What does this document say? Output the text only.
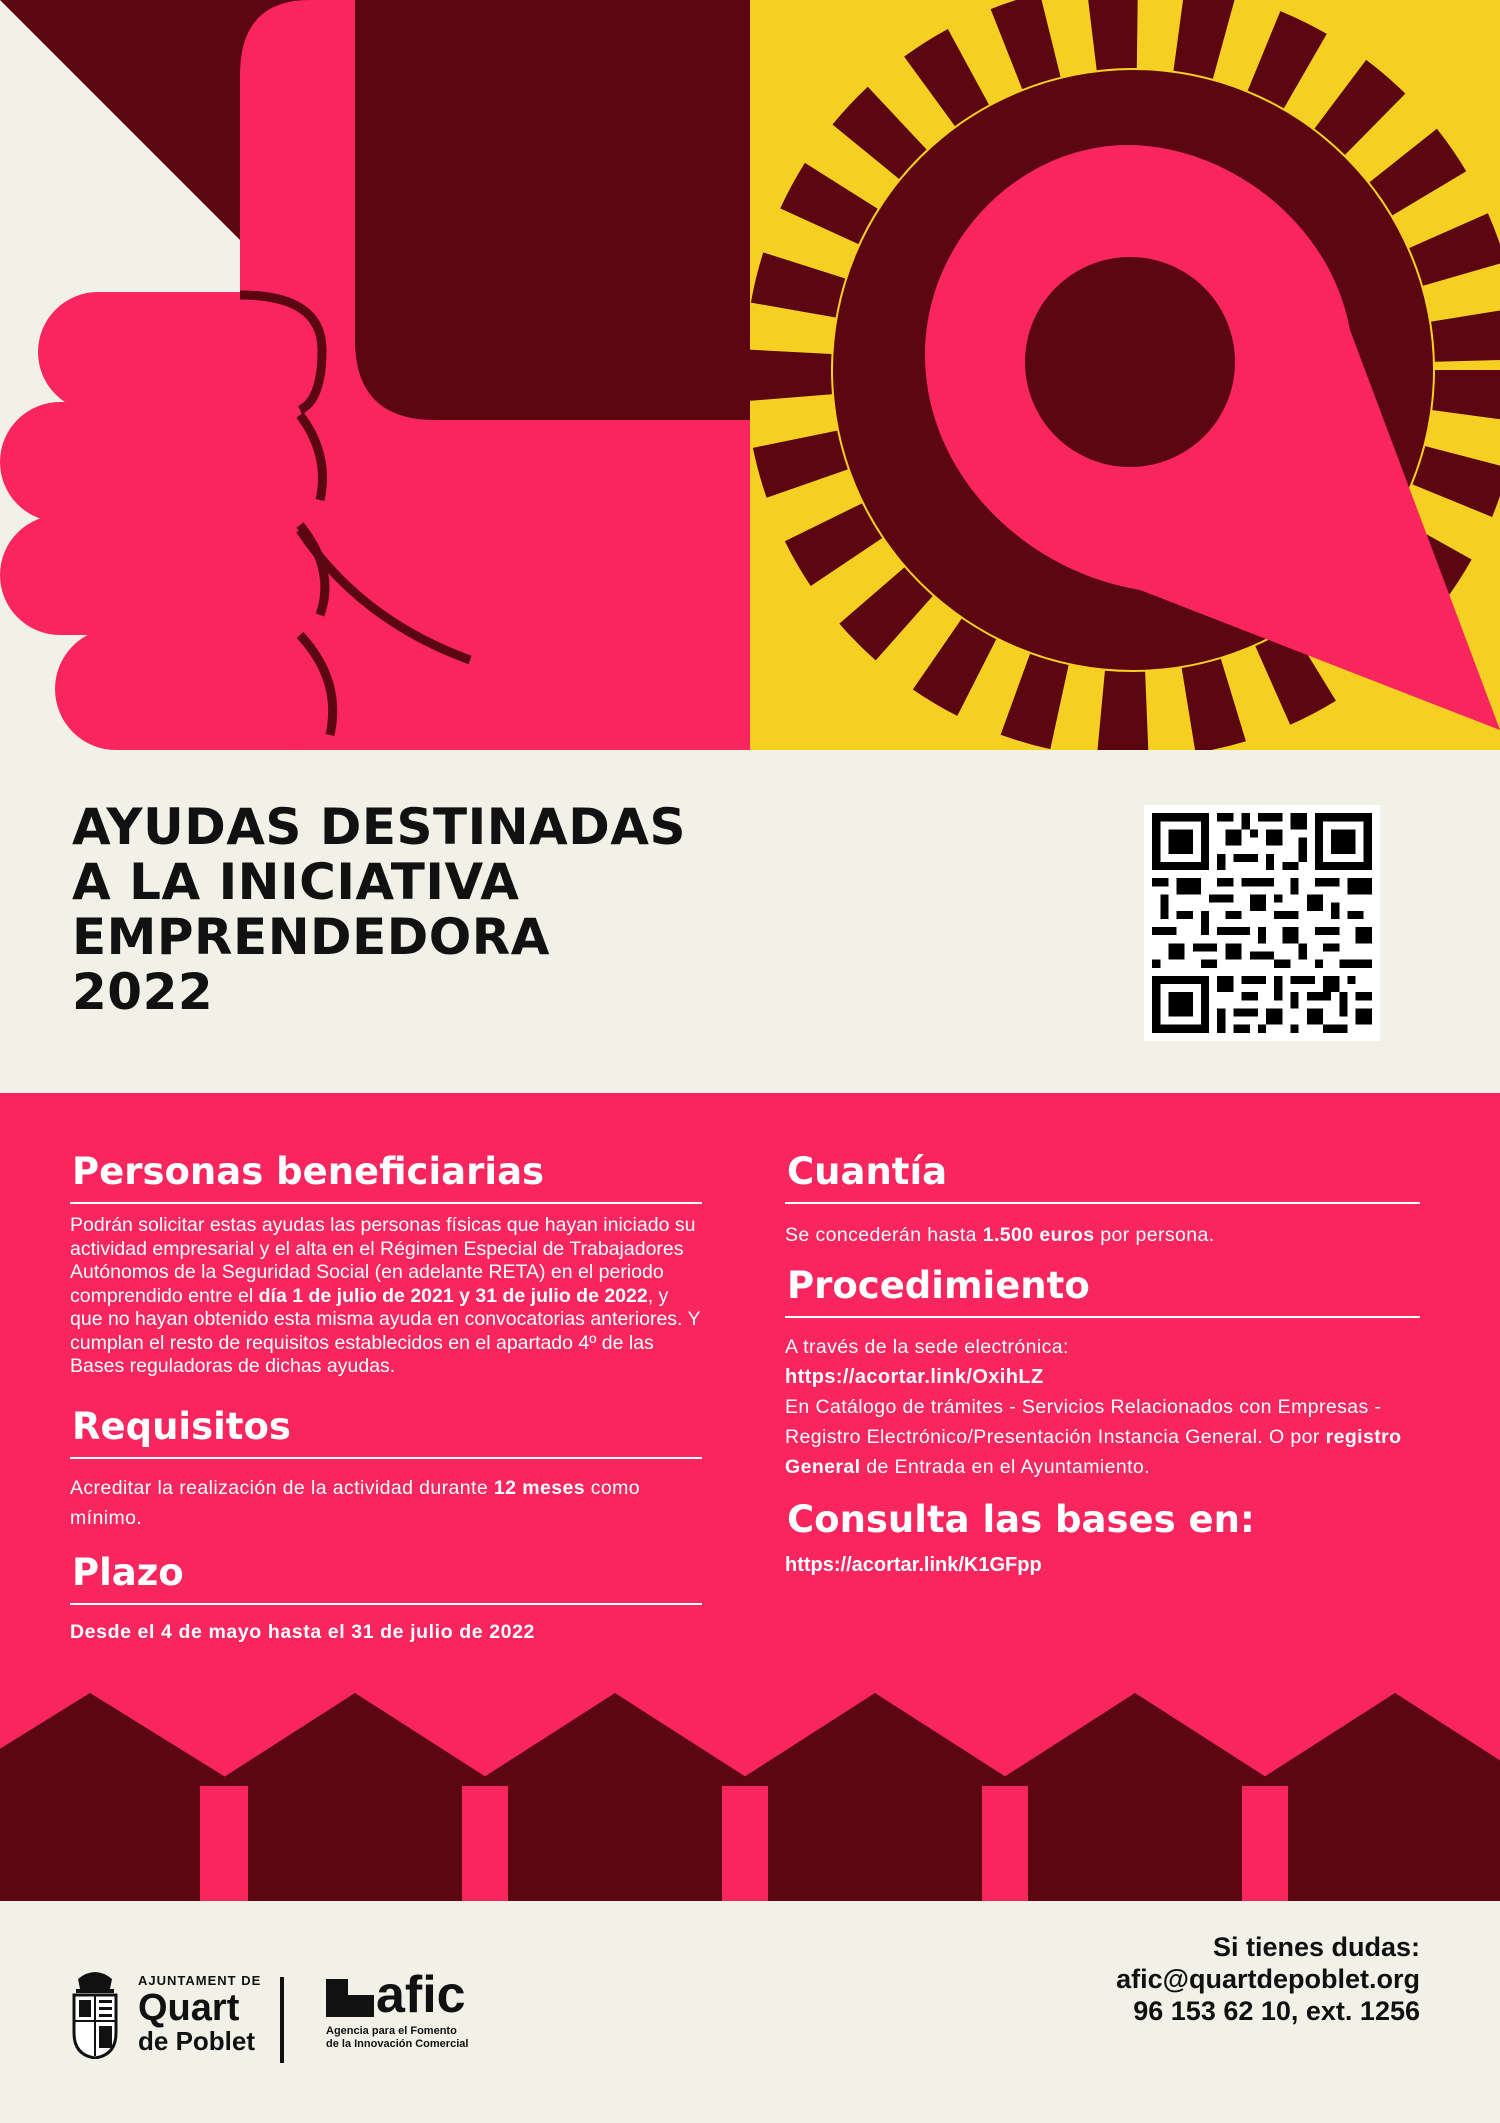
AYUDAS DESTINADAS
A LA INICIATIVA
EMPRENDEDORA
2022
Personas beneficiarias

Podrán solicitar estas ayudas las personas físicas que hayan iniciado su actividad empresarial y el alta en el Régimen Especial de Trabajadores Autónomos de la Seguridad Social (en adelante RETA) en el periodo comprendido entre el día 1 de julio de 2021 y 31 de julio de 2022, y que no hayan obtenido esta misma ayuda en convocatorias anteriores. Y cumplan el resto de requisitos establecidos en el apartado 4º de las Bases reguladoras de dichas ayudas.

Requisitos

Acreditar la realización de la actividad durante 12 meses como mínimo.

Plazo

Desde el 4 de mayo hasta el 31 de julio de 2022

Cuantía

Se concederán hasta 1.500 euros por persona.

Procedimiento

A través de la sede electrónica:
https://acortar.link/OxihLZ
En Catálogo de trámites - Servicios Relacionados con Empresas - Registro Electrónico/Presentación Instancia General. O por registro General de Entrada en el Ayuntamiento.

Consulta las bases en:
https://acortar.link/K1GFpp
AJUNTAMENT DE
Quart
de Poblet
afic
Agencia para el Fomento
de la Innovación Comercial
Si tienes dudas:
afic@quartdepoblet.org
96 153 62 10, ext. 1256
